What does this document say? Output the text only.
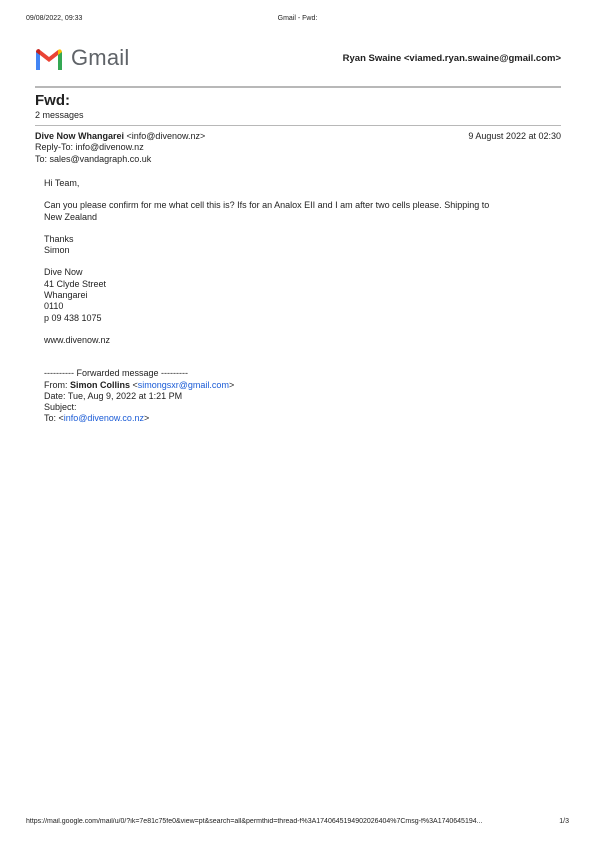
09/08/2022, 09:33	Gmail - Fwd:
Gmail	Ryan Swaine <viamed.ryan.swaine@gmail.com>
Fwd:
2 messages
Dive Now Whangarei <info@divenow.nz>	9 August 2022 at 02:30
Reply-To: info@divenow.nz
To: sales@vandagraph.co.uk

Hi Team,

Can you please confirm for me what cell this is? Ifs for an Analox EII and I am after two cells please. Shipping to

New Zealand

Thanks

Simon

Dive Now

41 Clyde Street

Whangarei

0110

p 09 438 1075

www.divenow.nz

---------- Forwarded message ---------

From: Simon Collins <simongsxr@gmail.com>

Date: Tue, Aug 9, 2022 at 1:21 PM

Subject:

To: <info@divenow.co.nz>

https://mail.google.com/mail/u/0/?ik=7e81c75fe0&view=pt&search=all&permthid=thread-f%3A1740645194902026404%7Cmsg-f%3A1740645194...	1/3
